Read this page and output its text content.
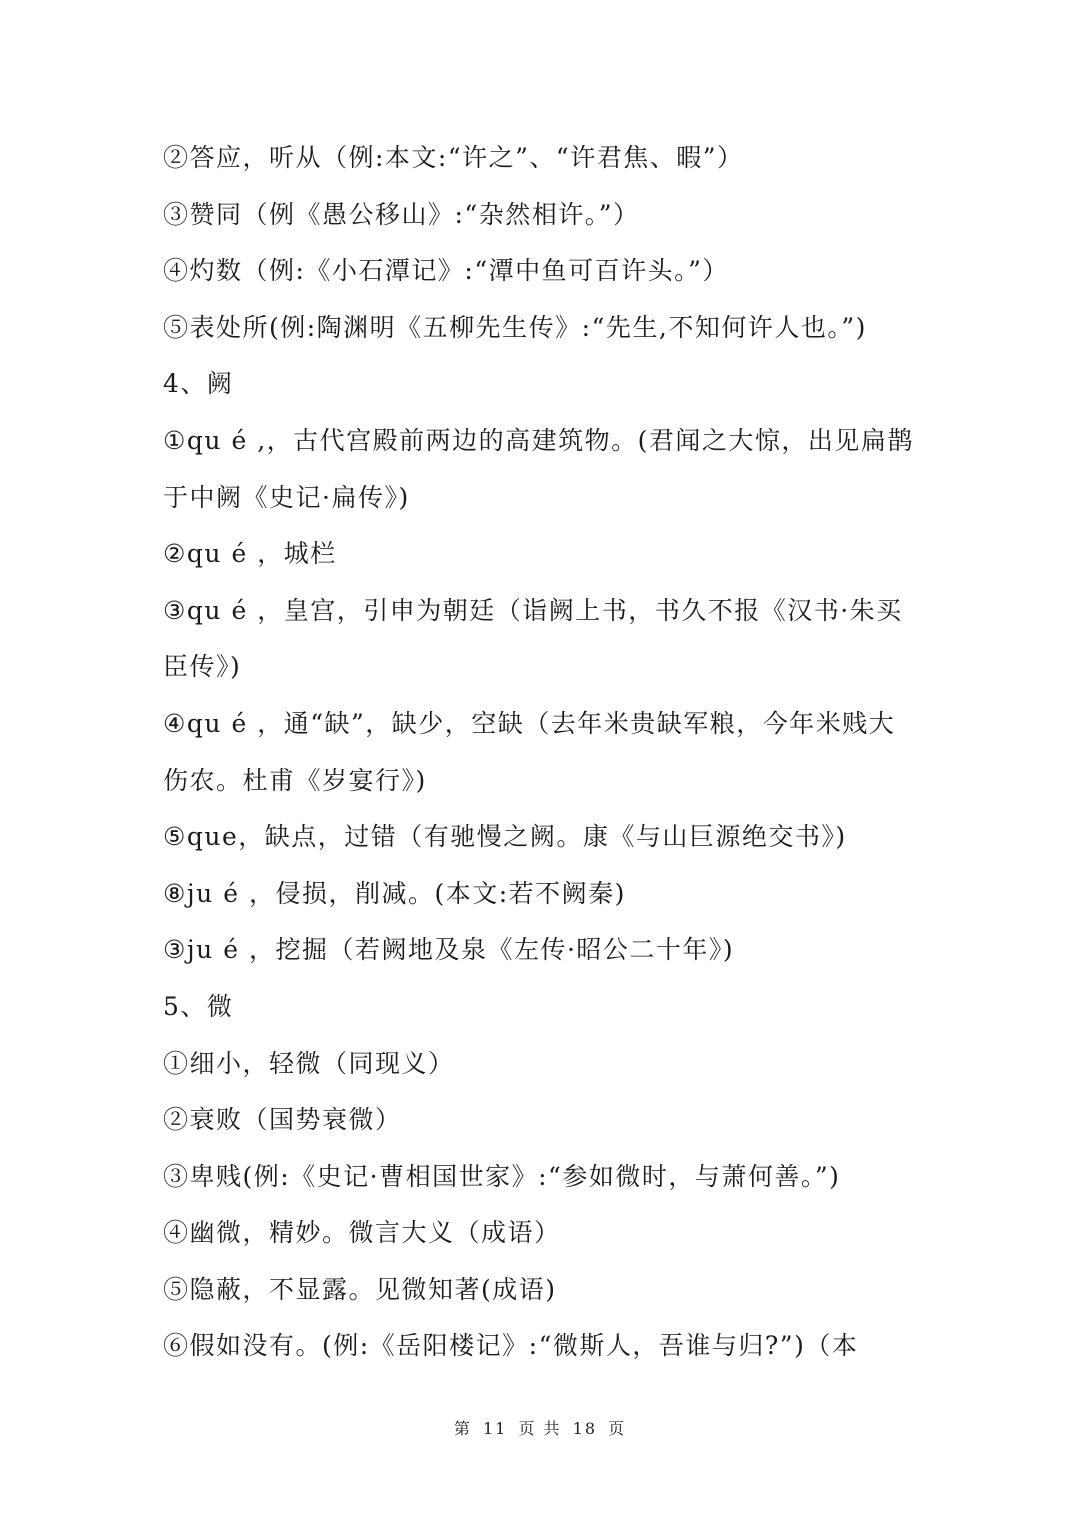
②答应，听从（例:本文:“许之”、“许君焦、暇”）
③赞同（例《愚公移山》:“杂然相许。”）
④灼数（例:《小石潭记》:“潭中鱼可百许头。”）
⑤表处所(例:陶渊明《五柳先生传》:“先生,不知何许人也。”)
4、阙
①qu é ,，古代宫殿前两边的高建筑物。(君闻之大惊，出见扁鹊
于中阙《史记·扁传》)
②qu é ，城栏
③qu é ，皇宫，引申为朝廷（诣阙上书，书久不报《汉书·朱买
臣传》)
④qu é ，通“缺”，缺少，空缺（去年米贵缺军粮，今年米贱大
伤农。杜甫《岁宴行》)
⑤que，缺点，过错（有驰慢之阙。康《与山巨源绝交书》)
⑧ju é ，侵损，削减。(本文:若不阙秦)
③ju é ，挖掘（若阙地及泉《左传·昭公二十年》)
5、微
①细小，轻微（同现义）
②衰败（国势衰微）
③卑贱(例:《史记·曹相国世家》:“参如微时，与萧何善。”)
④幽微，精妙。微言大义（成语）
⑤隐蔽，不显露。见微知著(成语)
⑥假如没有。(例:《岳阳楼记》:“微斯人，吾谁与归?”)（本
第 11 页 共 18 页
